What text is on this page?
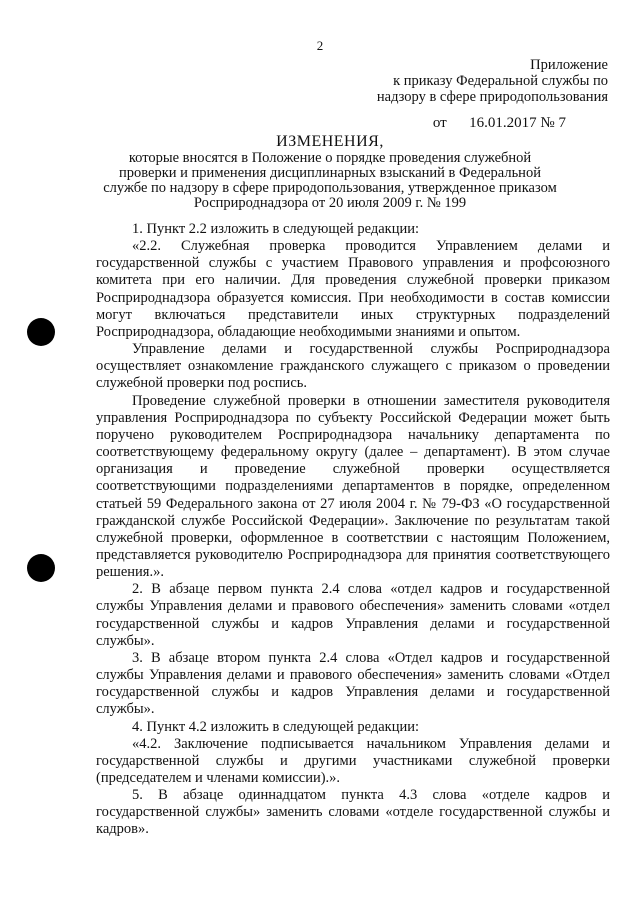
2
Приложение
к приказу Федеральной службы по
надзору в сфере природопользования
от      16.01.2017 № 7
ИЗМЕНЕНИЯ,
которые вносятся в Положение о порядке проведения служебной проверки и применения дисциплинарных взысканий в Федеральной службе по надзору в сфере природопользования, утвержденное приказом Росприроднадзора от 20 июля 2009 г. № 199

1. Пункт 2.2 изложить в следующей редакции:

«2.2. Служебная проверка проводится Управлением делами и государственной службы с участием Правового управления и профсоюзного комитета при его наличии. Для проведения служебной проверки приказом Росприроднадзора образуется комиссия. При необходимости в состав комиссии могут включаться представители иных структурных подразделений Росприроднадзора, обладающие необходимыми знаниями и опытом.

Управление делами и государственной службы Росприроднадзора осуществляет ознакомление гражданского служащего с приказом о проведении служебной проверки под роспись.

Проведение служебной проверки в отношении заместителя руководителя управления Росприроднадзора по субъекту Российской Федерации может быть поручено руководителем Росприроднадзора начальнику департамента по соответствующему федеральному округу (далее – департамент). В этом случае организация и проведение служебной проверки осуществляется соответствующими подразделениями департаментов в порядке, определенном статьей 59 Федерального закона от 27 июля 2004 г. № 79-ФЗ «О государственной гражданской службе Российской Федерации». Заключение по результатам такой служебной проверки, оформленное в соответствии с настоящим Положением, представляется руководителю Росприроднадзора для принятия соответствующего решения.».

2. В абзаце первом пункта 2.4 слова «отдел кадров и государственной службы Управления делами и правового обеспечения» заменить словами «отдел государственной службы и кадров Управления делами и государственной службы».

3. В абзаце втором пункта 2.4 слова «Отдел кадров и государственной службы Управления делами и правового обеспечения» заменить словами «Отдел государственной службы и кадров Управления делами и государственной службы».

4. Пункт 4.2 изложить в следующей редакции:

«4.2. Заключение подписывается начальником Управления делами и государственной службы и другими участниками служебной проверки (председателем и членами комиссии).».

5. В абзаце одиннадцатом пункта 4.3 слова «отделе кадров и государственной службы» заменить словами «отделе государственной службы и кадров».
